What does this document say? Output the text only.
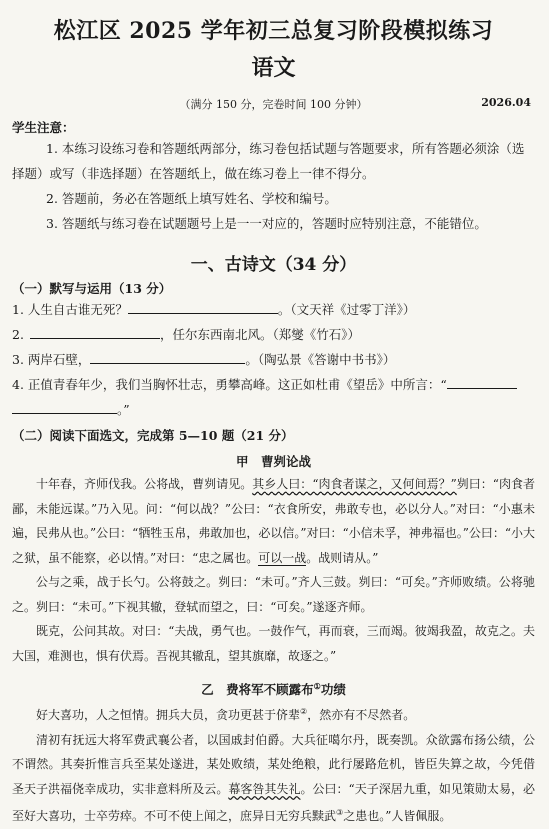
松江区 2025 学年初三总复习阶段模拟练习
语文
（满分 150 分，完卷时间 100 分钟）	2026.04
学生注意：
1. 本练习设练习卷和答题纸两部分，练习卷包括试题与答题要求，所有答题必须涂（选择题）或写（非选择题）在答题纸上，做在练习卷上一律不得分。
2. 答题前，务必在答题纸上填写姓名、学校和编号。
3. 答题纸与练习卷在试题题号上是一一对应的，答题时应特别注意，不能错位。
一、古诗文（34 分）
（一）默写与运用（13 分）
1. 人生自古谁无死？	。（文天祥《过零丁洋》）
2.	，任尔东西南北风。（郑燮《竹石》）
3. 两岸石壁，	。（陶弘景《答谢中书书》）
4. 正值青春年少，我们当胸怀壮志，勇攀高峰。这正如杜甫《望岳》中所言：“
。”
（二）阅读下面选文，完成第 5—10 题（21 分）
甲　曹刿论战
十年春，齐师伐我。公将战，曹刿请见。其乡人曰：“肉食者谋之，又何间焉？”刿曰：“肉食者鄙，未能远谋。”乃入见。问：“何以战？”公曰：“衣食所安，弗敢专也，必以分人。”对曰：“小惠未遍，民弗从也。”公曰：“牺牲玉帛，弗敢加也，必以信。”对曰：“小信未孚，神弗福也。”公曰：“小大之狱，虽不能察，必以情。”对曰：“忠之属也。可以一战。战则请从。”
公与之乘，战于长勺。公将鼓之。刿曰：“未可。”齐人三鼓。刿曰：“可矣。”齐师败绩。公将驰之。刿曰：“未可。”下视其辙，登轼而望之，曰：“可矣。”遂逐齐师。
既克，公问其故。对曰：“夫战，勇气也。一鼓作气，再而衰，三而竭。彼竭我盈，故克之。夫大国，难测也，惧有伏焉。吾视其辙乱，望其旗靡，故逐之。”
乙　费将军不顾露布①功绩
好大喜功，人之恒情。拥兵大员，贪功更甚于侪辈②，然亦有不尽然者。
清初有抚远大将军费武襄公者，以国戚封伯爵。大兵征噶尔丹，既奏凯。众欲露布扬公绩，公不谓然。其奏折惟言兵至某处遂进，某处败绩，某处绝粮，此行屡路危机，皆臣失算之故，今凭借圣天子洪福侥幸成功，实非意料所及云。幕客咎其失礼。公曰：“天子深居九重，如见策勋太易，必至好大喜功，士卒劳瘁。不可不使上闻之，庶异日无穷兵黩武③之患也。”人皆佩服。
